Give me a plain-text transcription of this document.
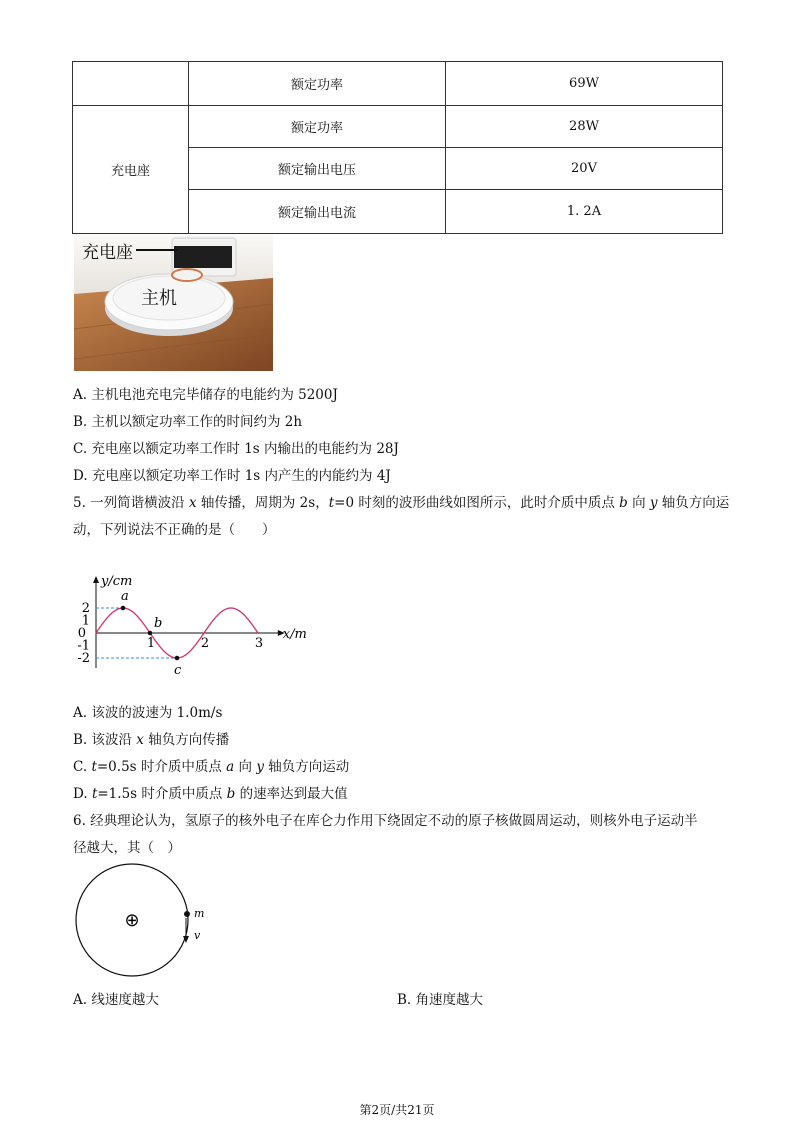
	额定功率	69W
充电座	额定功率	28W
	额定输出电压	20V
	额定输出电流	1. 2A
充电座
主机
A. 主机电池充电完毕储存的电能约为 5200J
B. 主机以额定功率工作的时间约为 2h
C. 充电座以额定功率工作时 1s 内输出的电能约为 28J
D. 充电座以额定功率工作时 1s 内产生的内能约为 4J
5. 一列简谐横波沿 x 轴传播，周期为 2s，t=0 时刻的波形曲线如图所示，此时介质中质点 b 向 y 轴负方向运
动，下列说法不正确的是（　　）
y/cm
x/m
2
1
0
-1
-2
1	2	3
a
b
c
A. 该波的波速为 1.0m/s
B. 该波沿 x 轴负方向传播
C. t=0.5s 时介质中质点 a 向 y 轴负方向运动
D. t=1.5s 时介质中质点 b 的速率达到最大值
6. 经典理论认为，氢原子的核外电子在库仑力作用下绕固定不动的原子核做圆周运动，则核外电子运动半
径越大，其（　）
⊕	m
v
A. 线速度越大	B. 角速度越大
第2页/共21页
